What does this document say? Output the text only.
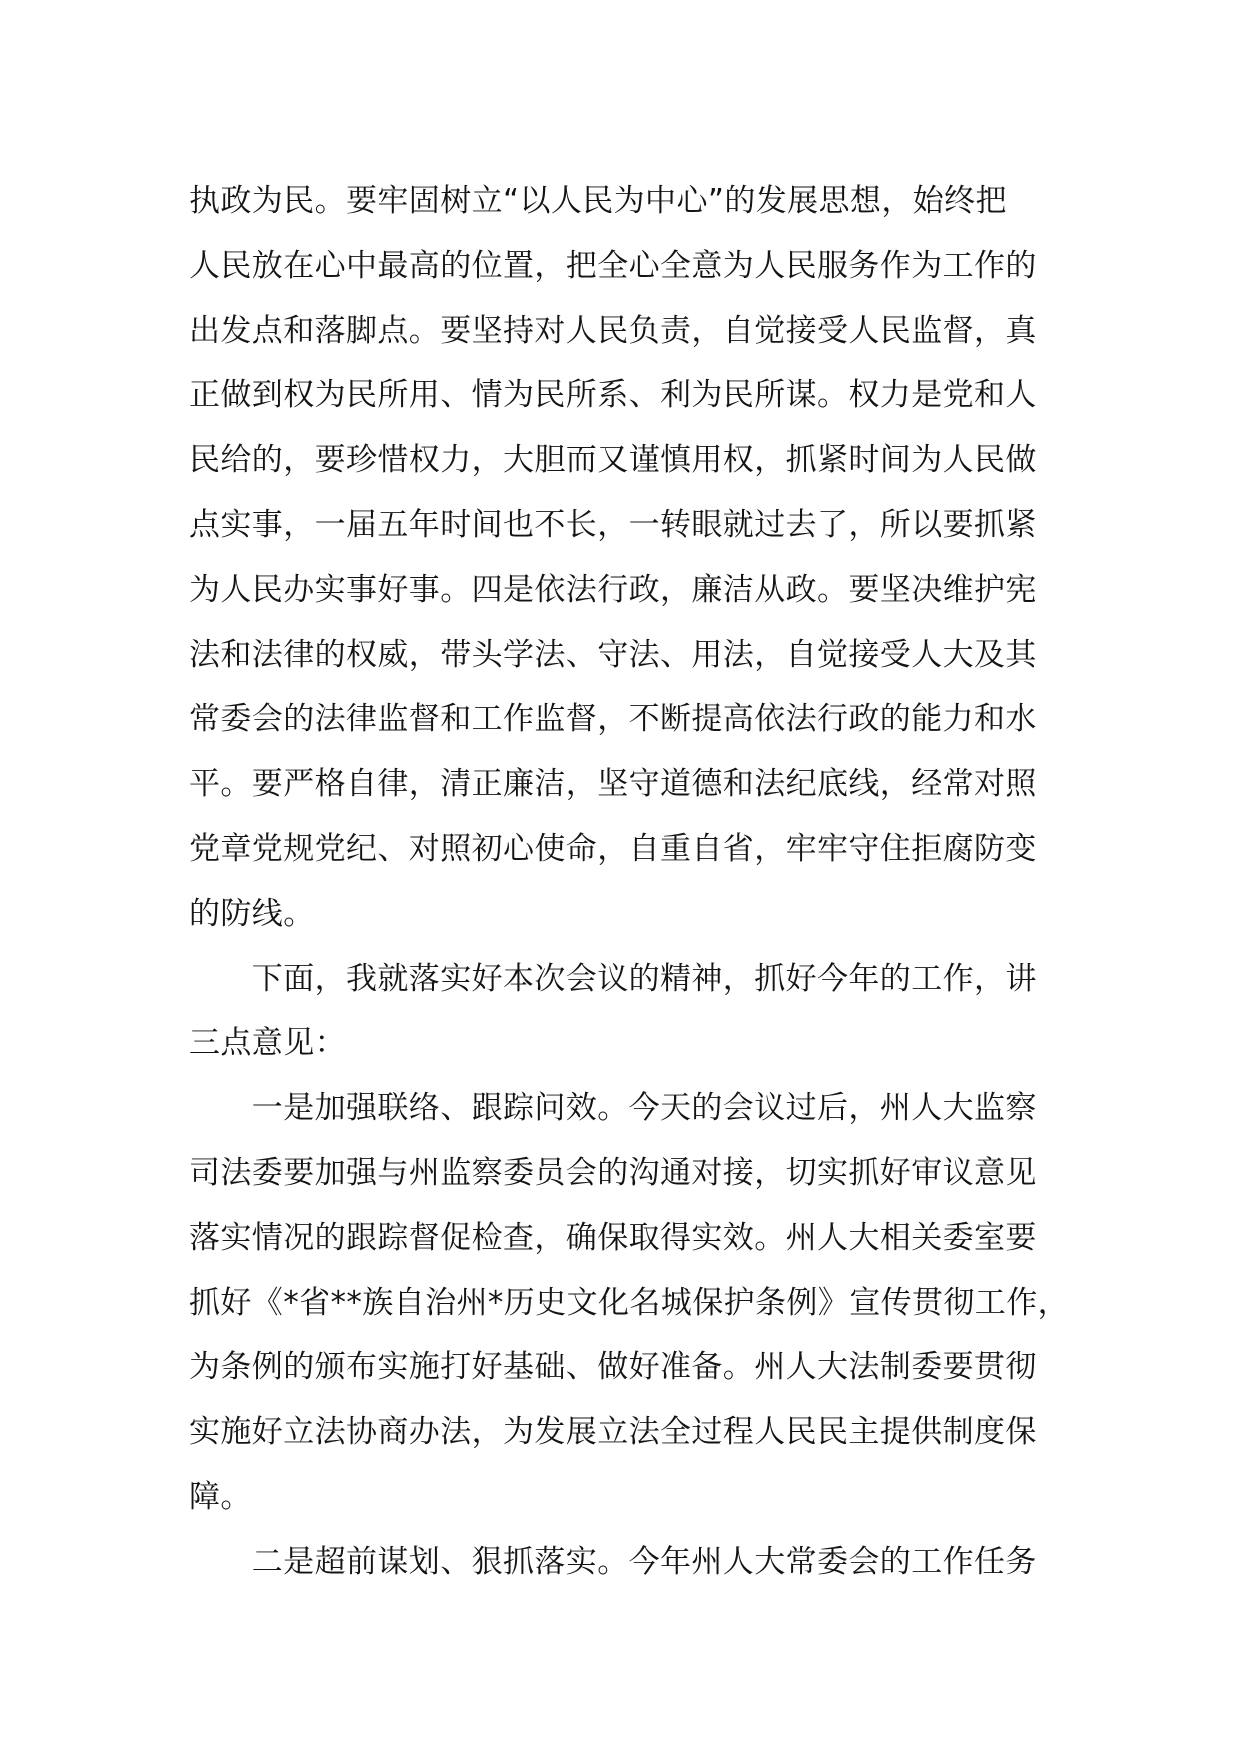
执政为民。要牢固树立“以人民为中心”的发展思想，始终把
人民放在心中最高的位置，把全心全意为人民服务作为工作的
出发点和落脚点。要坚持对人民负责，自觉接受人民监督，真
正做到权为民所用、情为民所系、利为民所谋。权力是党和人
民给的，要珍惜权力，大胆而又谨慎用权，抓紧时间为人民做
点实事，一届五年时间也不长，一转眼就过去了，所以要抓紧
为人民办实事好事。四是依法行政，廉洁从政。要坚决维护宪
法和法律的权威，带头学法、守法、用法，自觉接受人大及其
常委会的法律监督和工作监督，不断提高依法行政的能力和水
平。要严格自律，清正廉洁，坚守道德和法纪底线，经常对照
党章党规党纪、对照初心使命，自重自省，牢牢守住拒腐防变
的防线。
　　下面，我就落实好本次会议的精神，抓好今年的工作，讲
三点意见：
　　一是加强联络、跟踪问效。今天的会议过后，州人大监察
司法委要加强与州监察委员会的沟通对接，切实抓好审议意见
落实情况的跟踪督促检查，确保取得实效。州人大相关委室要
抓好《*省**族自治州*历史文化名城保护条例》宣传贯彻工作，
为条例的颁布实施打好基础、做好准备。州人大法制委要贯彻
实施好立法协商办法，为发展立法全过程人民民主提供制度保
障。
　　二是超前谋划、狠抓落实。今年州人大常委会的工作任务
